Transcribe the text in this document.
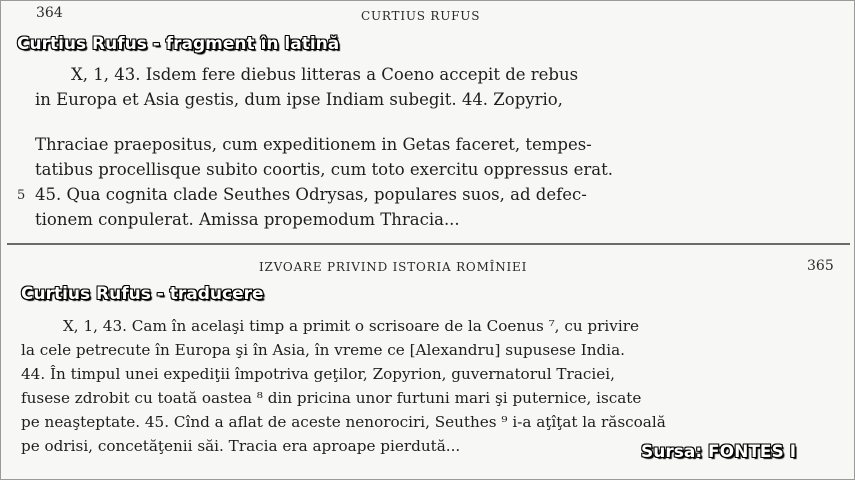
364	CURTIUS RUFUS
Curtius Rufus - fragment în latină
X, 1, 43. Isdem fere diebus litteras a Coeno accepit de rebus
in Europa et Asia gestis, dum ipse Indiam subegit. 44. Zopyrio,
Thraciae praepositus, cum expeditionem in Getas faceret, tempes-
tatibus procellisque subito coortis, cum toto exercitu oppressus erat.
5 45. Qua cognita clade Seuthes Odrysas, populares suos, ad defec-
tionem conpulerat. Amissa propemodum Thracia...
IZVOARE PRIVIND ISTORIA ROMÎNIEI	365
Curtius Rufus - traducere
X, 1, 43. Cam în acelaşi timp a primit o scrisoare de la Coenus ⁷, cu privire
la cele petrecute în Europa şi în Asia, în vreme ce [Alexandru] supusese India.
44. În timpul unei expediţii împotriva geţilor, Zopyrion, guvernatorul Traciei,
fusese zdrobit cu toată oastea ⁸ din pricina unor furtuni mari şi puternice, iscate
pe neaşteptate. 45. Cînd a aflat de aceste nenorociri, Seuthes ⁹ i-a aţîţat la răscoală
pe odrisi, concetăţenii săi. Tracia era aproape pierdută...	Sursa: FONTES I
